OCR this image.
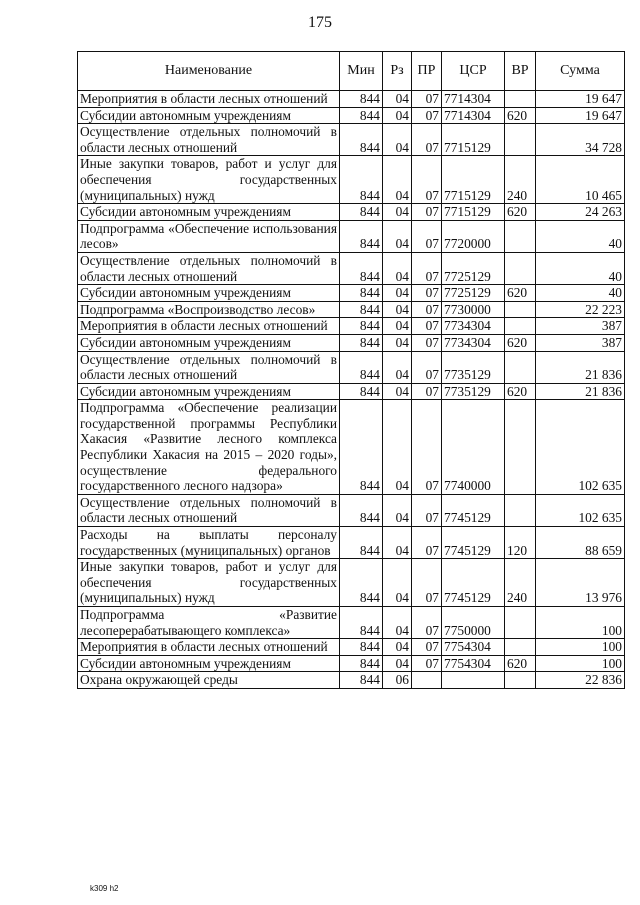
175
Наименование	Мин	Рз	ПР	ЦСР	ВР	Сумма
Мероприятия в области лесных отношений	844	04	07	7714304		19 647
Субсидии автономным учреждениям	844	04	07	7714304	620	19 647
Осуществление отдельных полномочий в области лесных отношений	844	04	07	7715129		34 728
Иные закупки товаров, работ и услуг для обеспечения государственных (муниципальных) нужд	844	04	07	7715129	240	10 465
Субсидии автономным учреждениям	844	04	07	7715129	620	24 263
Подпрограмма «Обеспечение использования лесов»	844	04	07	7720000		40
Осуществление отдельных полномочий в области лесных отношений	844	04	07	7725129		40
Субсидии автономным учреждениям	844	04	07	7725129	620	40
Подпрограмма «Воспроизводство лесов»	844	04	07	7730000		22 223
Мероприятия в области лесных отношений	844	04	07	7734304		387
Субсидии автономным учреждениям	844	04	07	7734304	620	387
Осуществление отдельных полномочий в области лесных отношений	844	04	07	7735129		21 836
Субсидии автономным учреждениям	844	04	07	7735129	620	21 836
Подпрограмма «Обеспечение реализации государственной программы Республики Хакасия «Развитие лесного комплекса Республики Хакасия на 2015 – 2020 годы», осуществление федерального государственного лесного надзора»	844	04	07	7740000		102 635
Осуществление отдельных полномочий в области лесных отношений	844	04	07	7745129		102 635
Расходы на выплаты персоналу государственных (муниципальных) органов	844	04	07	7745129	120	88 659
Иные закупки товаров, работ и услуг для обеспечения государственных (муниципальных) нужд	844	04	07	7745129	240	13 976
Подпрограмма «Развитие лесоперерабатывающего комплекса»	844	04	07	7750000		100
Мероприятия в области лесных отношений	844	04	07	7754304		100
Субсидии автономным учреждениям	844	04	07	7754304	620	100
Охрана окружающей среды	844	06				22 836
k309 h2
